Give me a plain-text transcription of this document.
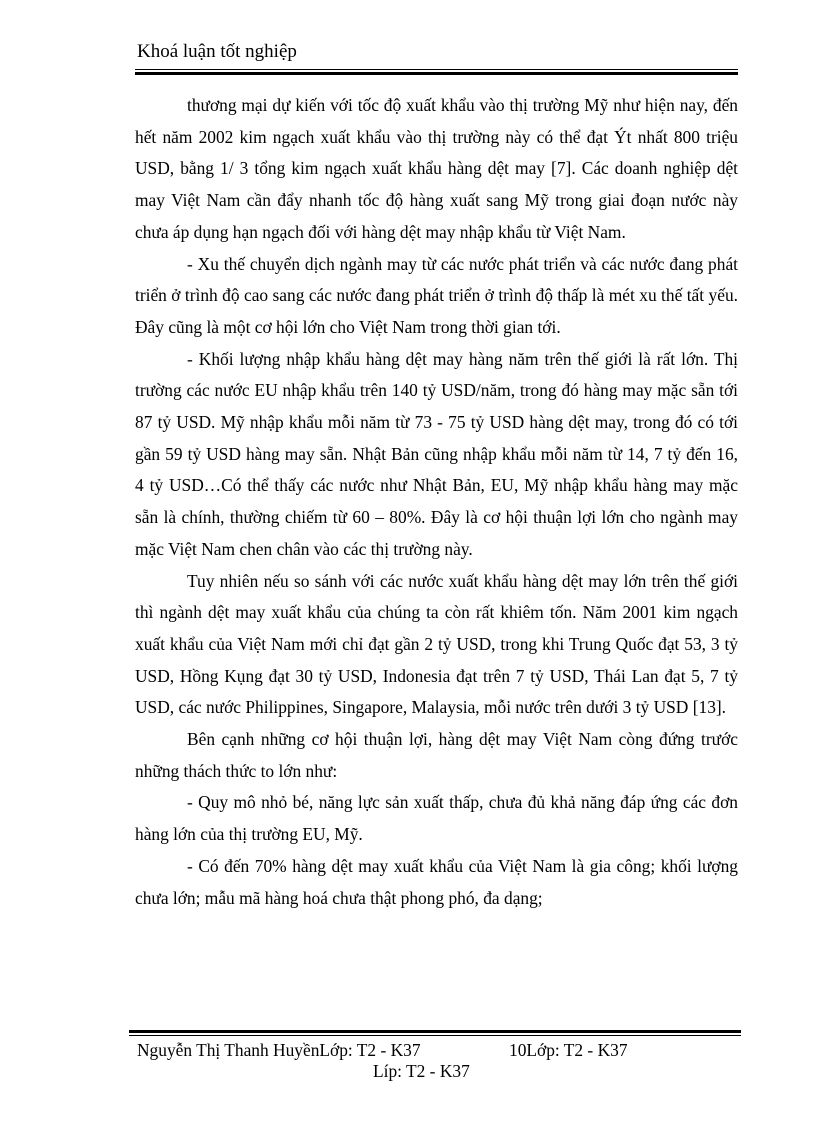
Khoá luận tốt nghiệp

thương mại dự kiến với tốc độ xuất khẩu vào thị trường Mỹ như hiện nay, đến hết năm 2002 kim ngạch xuất khẩu vào thị trường này có thể đạt Ýt nhất 800 triệu USD, bằng 1/ 3 tổng kim ngạch xuất khẩu hàng dệt may [7]. Các doanh nghiệp dệt may Việt Nam cần đẩy nhanh tốc độ hàng xuất sang Mỹ trong giai đoạn nước này chưa áp dụng hạn ngạch đối với hàng dệt may nhập khẩu từ Việt Nam.

- Xu thế chuyển dịch ngành may từ các nước phát triển và các nước đang phát triển ở trình độ cao sang các nước đang phát triển ở trình độ thấp là mét xu thế tất yếu. Đây cũng là một cơ hội lớn cho Việt Nam trong thời gian tới.

- Khối lượng nhập khẩu hàng dệt may hàng năm trên thế giới là rất lớn. Thị trường các nước EU nhập khẩu trên 140 tỷ USD/năm, trong đó hàng may mặc sẵn tới 87 tỷ USD. Mỹ nhập khẩu mỗi năm từ 73 - 75 tỷ USD hàng dệt may, trong đó có tới gần 59 tỷ USD hàng may sẵn. Nhật Bản cũng nhập khẩu mỗi năm từ 14, 7 tỷ đến 16, 4 tỷ USD…Có thể thấy các nước như Nhật Bản, EU, Mỹ nhập khẩu hàng may mặc sẵn là chính, thường chiếm từ 60 – 80%. Đây là cơ hội thuận lợi lớn cho ngành may mặc Việt Nam chen chân vào các thị trường này.

Tuy nhiên nếu so sánh với các nước xuất khẩu hàng dệt may lớn trên thế giới thì ngành dệt may xuất khẩu của chúng ta còn rất khiêm tốn. Năm 2001 kim ngạch xuất khẩu của Việt Nam mới chỉ đạt gần 2 tỷ USD, trong khi Trung Quốc đạt 53, 3 tỷ USD, Hồng Kụng đạt 30 tỷ USD, Indonesia đạt trên 7 tỷ USD, Thái Lan đạt 5, 7 tỷ USD, các nước Philippines, Singapore, Malaysia, mỗi nước trên dưới 3 tỷ USD [13].

Bên cạnh những cơ hội thuận lợi, hàng dệt may Việt Nam còng đứng trước những thách thức to lớn như:

- Quy mô nhỏ bé, năng lực sản xuất thấp, chưa đủ khả năng đáp ứng các đơn hàng lớn của thị trường EU, Mỹ.

- Có đến 70% hàng dệt may xuất khẩu của Việt Nam là gia công; khối lượng chưa lớn; mẫu mã hàng hoá chưa thật phong phó, đa dạng;

Nguyễn Thị Thanh HuyềnLớp: T2 - K37	10Lớp: T2 - K37
Líp: T2 - K37
